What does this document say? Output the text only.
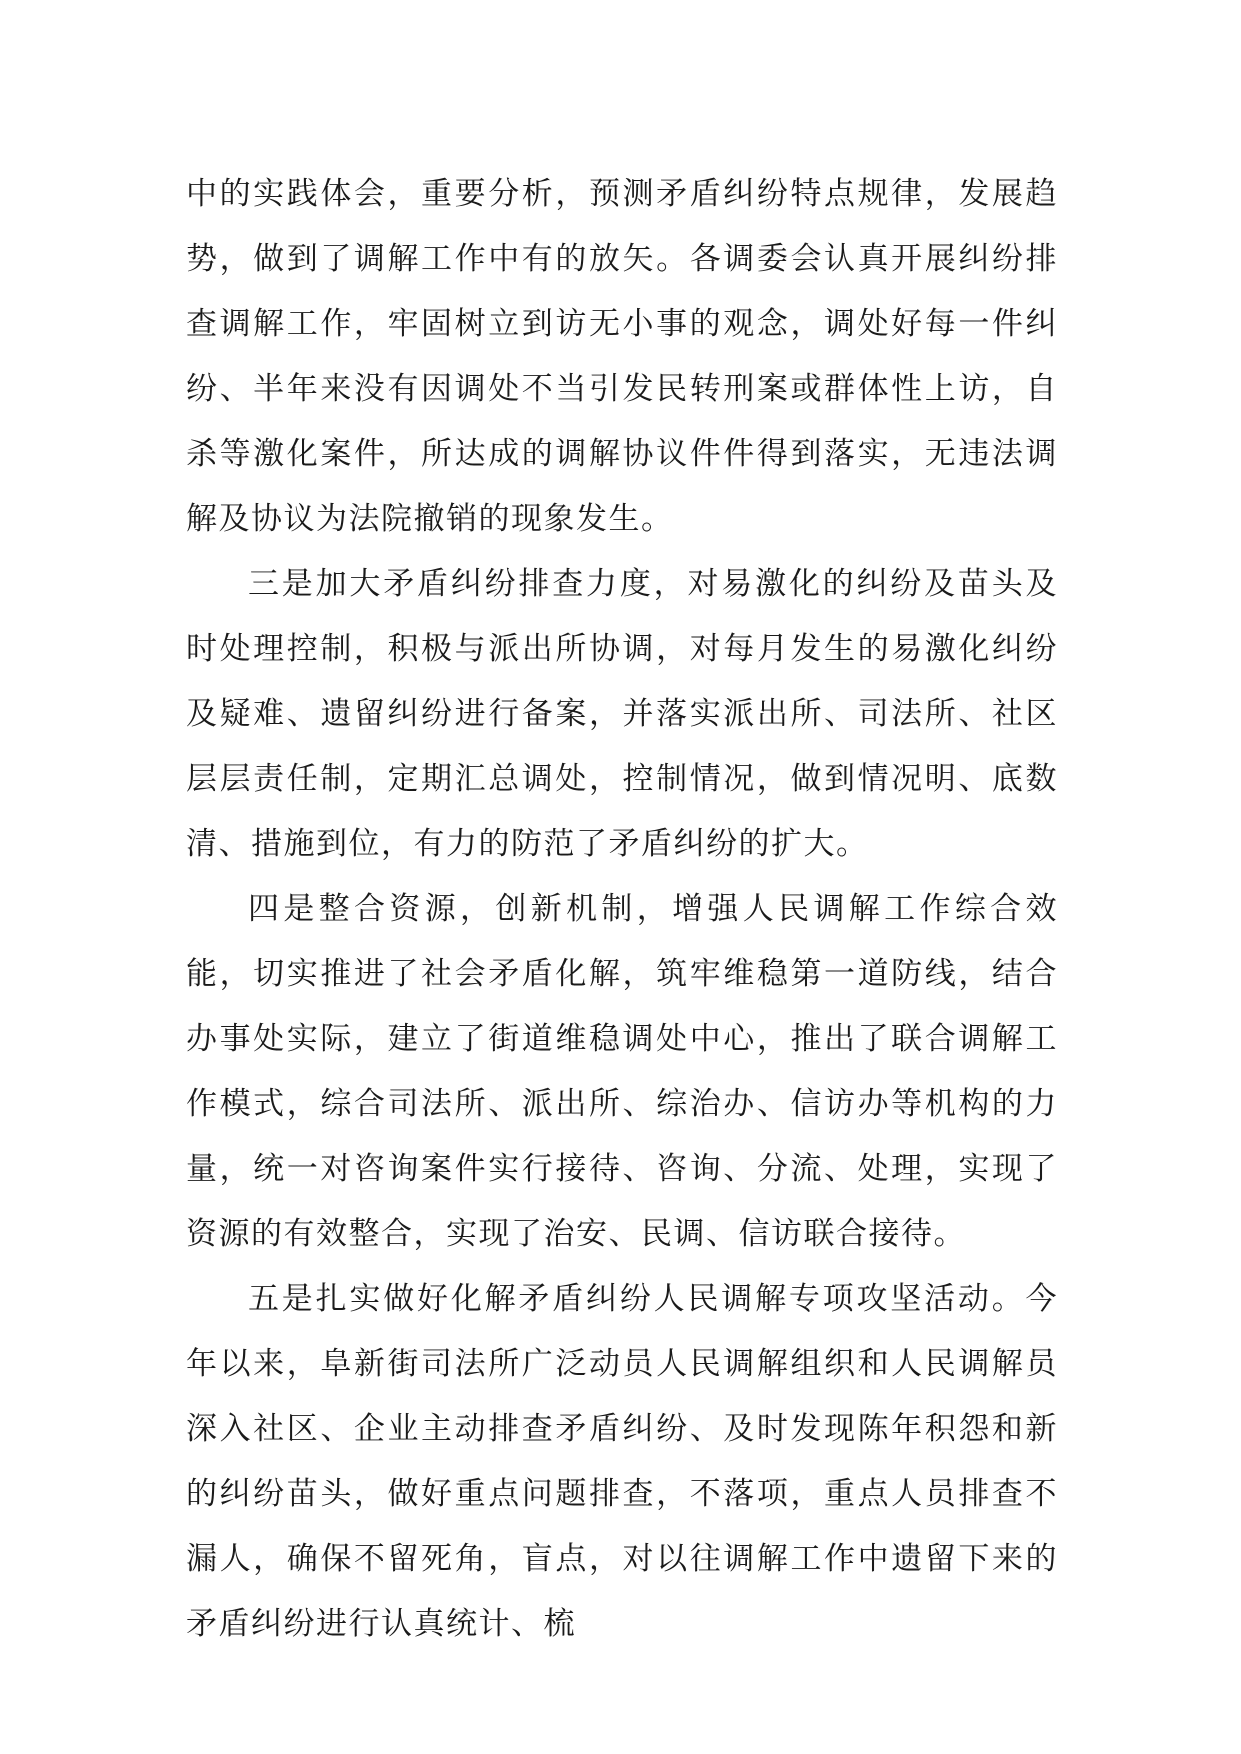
中的实践体会，重要分析，预测矛盾纠纷特点规律，发展趋势，做到了调解工作中有的放矢。各调委会认真开展纠纷排查调解工作，牢固树立到访无小事的观念，调处好每一件纠纷、半年来没有因调处不当引发民转刑案或群体性上访，自杀等激化案件，所达成的调解协议件件得到落实，无违法调解及协议为法院撤销的现象发生。

三是加大矛盾纠纷排查力度，对易激化的纠纷及苗头及时处理控制，积极与派出所协调，对每月发生的易激化纠纷及疑难、遗留纠纷进行备案，并落实派出所、司法所、社区层层责任制，定期汇总调处，控制情况，做到情况明、底数清、措施到位，有力的防范了矛盾纠纷的扩大。

四是整合资源，创新机制，增强人民调解工作综合效能，切实推进了社会矛盾化解，筑牢维稳第一道防线，结合办事处实际，建立了街道维稳调处中心，推出了联合调解工作模式，综合司法所、派出所、综治办、信访办等机构的力量，统一对咨询案件实行接待、咨询、分流、处理，实现了资源的有效整合，实现了治安、民调、信访联合接待。

五是扎实做好化解矛盾纠纷人民调解专项攻坚活动。今年以来，阜新街司法所广泛动员人民调解组织和人民调解员深入社区、企业主动排查矛盾纠纷、及时发现陈年积怨和新的纠纷苗头，做好重点问题排查，不落项，重点人员排查不漏人，确保不留死角，盲点，对以往调解工作中遗留下来的矛盾纠纷进行认真统计、梳
